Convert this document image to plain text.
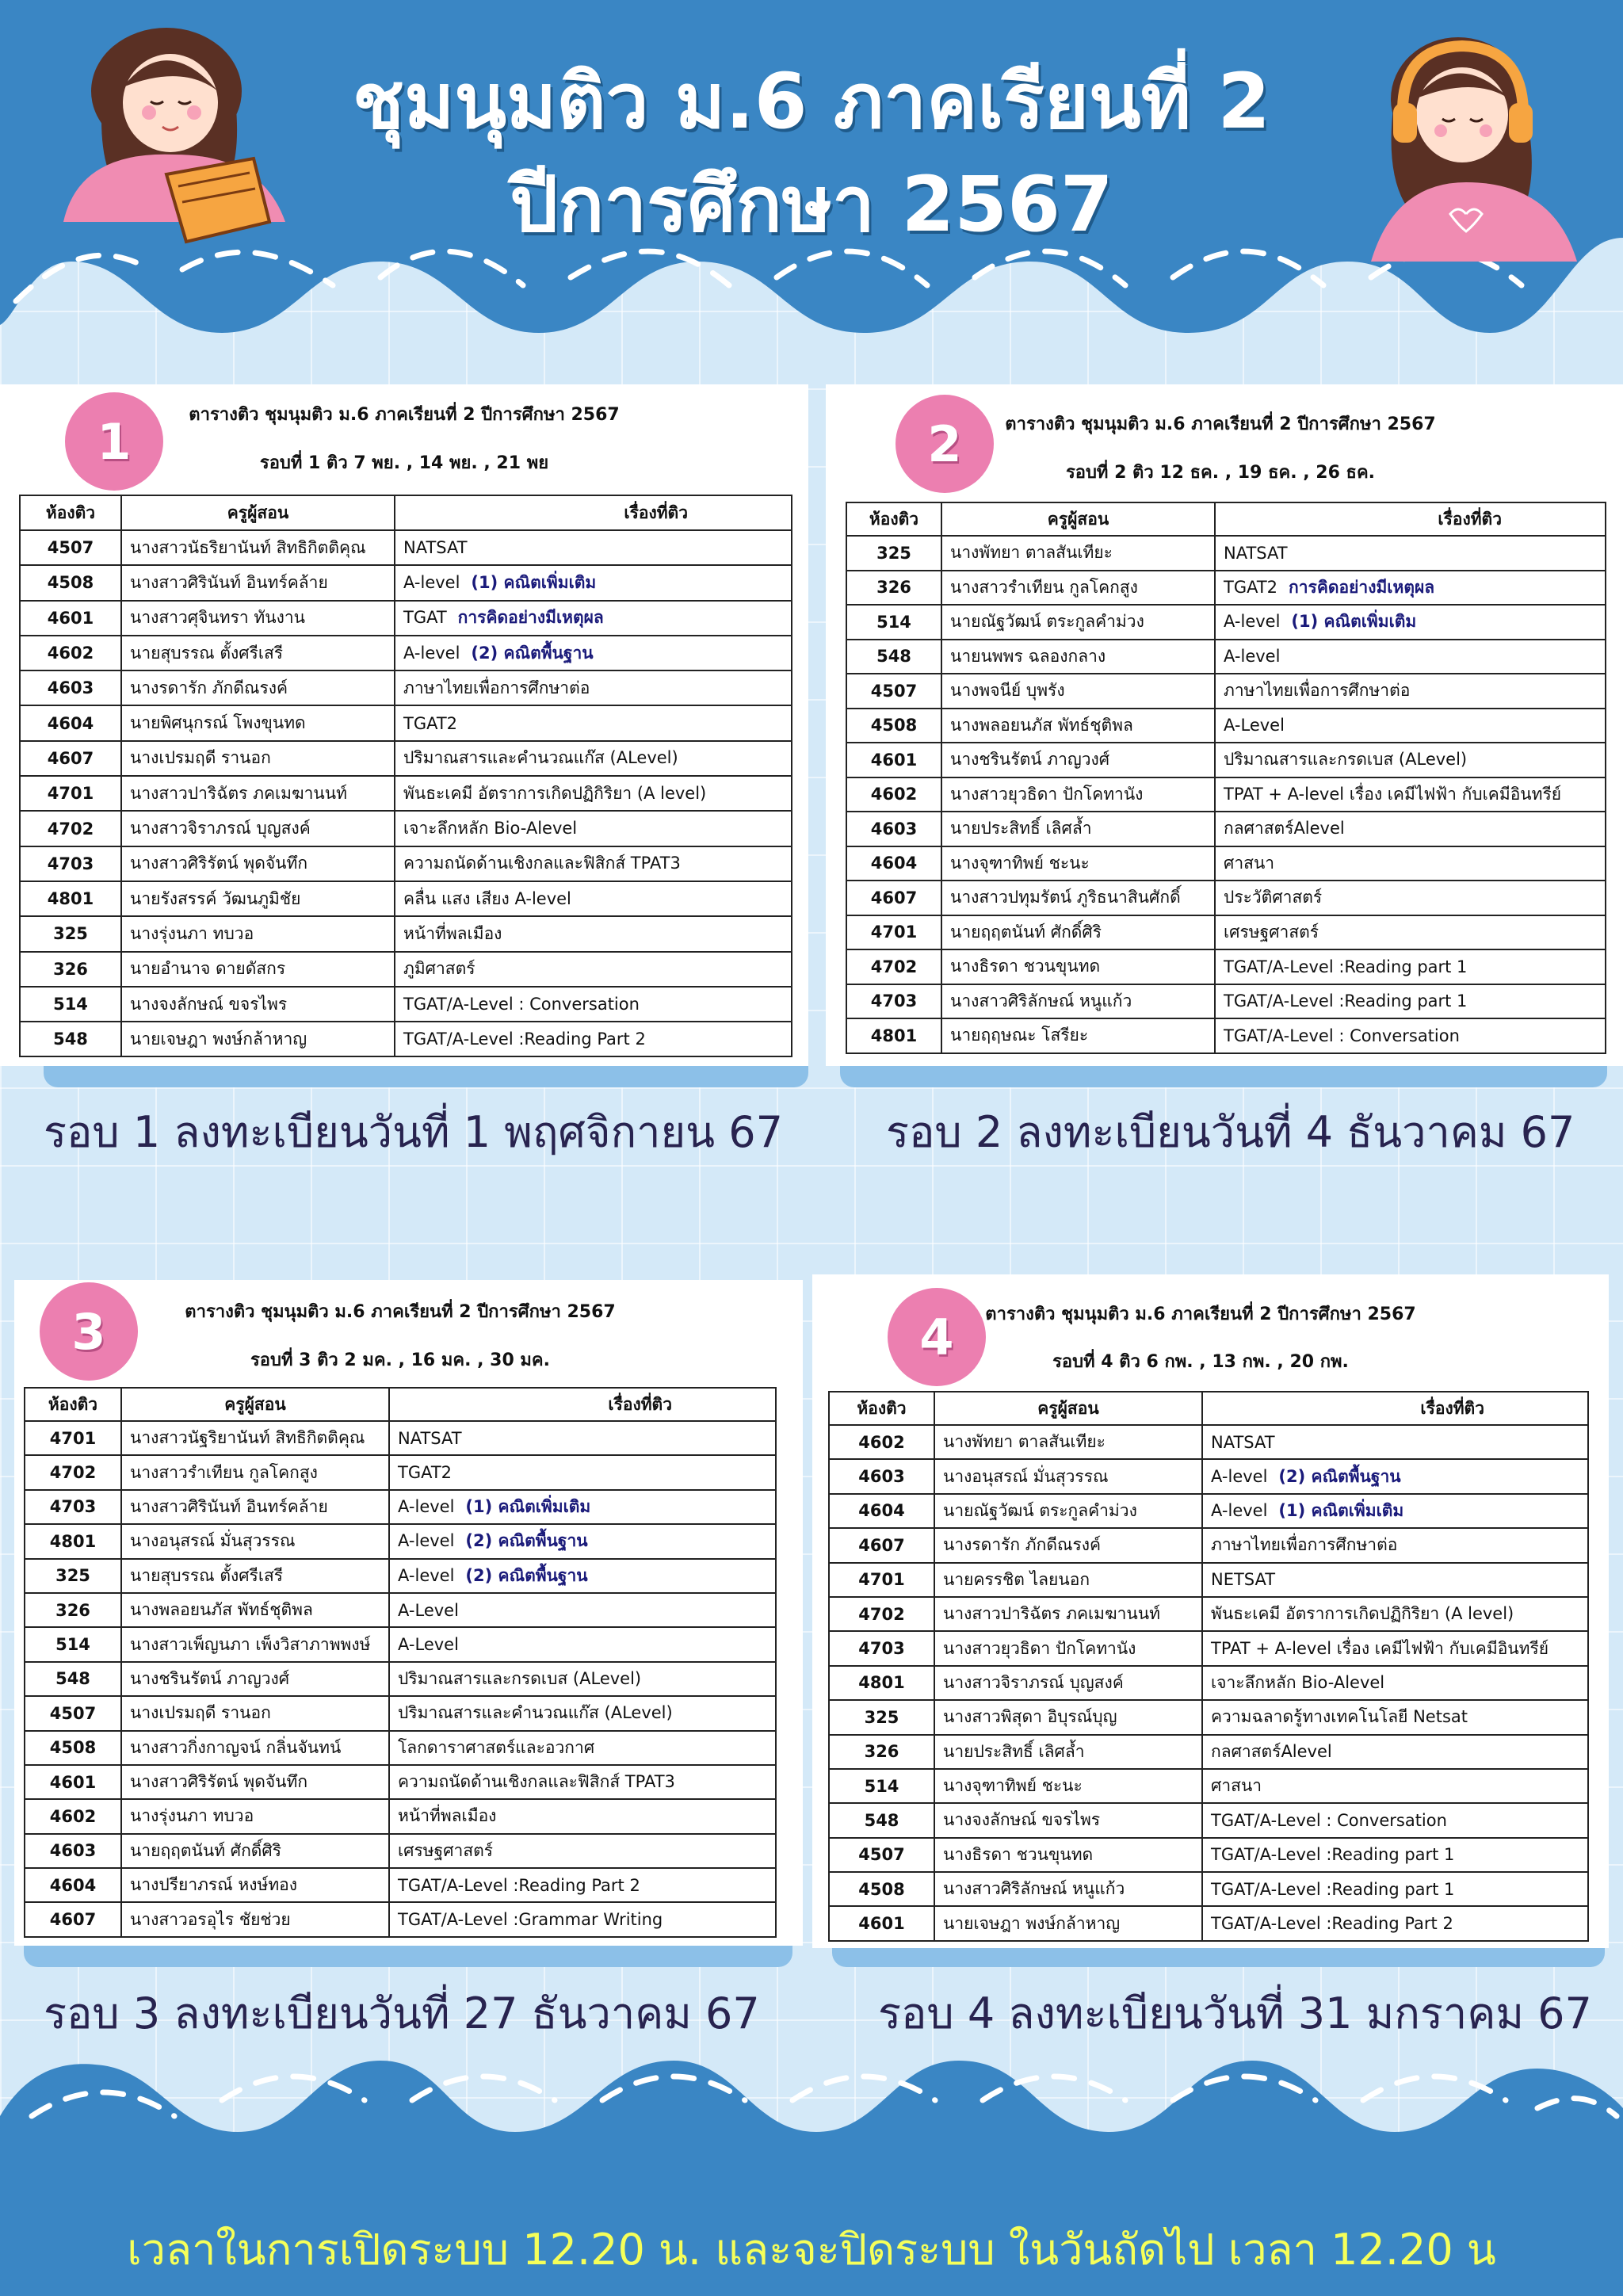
ชุมนุมติว ม.6 ภาคเรียนที่ 2
ปีการศึกษา 2567
1	ตารางติว ชุมนุมติว ม.6 ภาคเรียนที่ 2 ปีการศึกษา 2567
รอบที่ 1 ติว 7 พย. , 14 พย. , 21 พย
ห้องติว	ครูผู้สอน	เรื่องที่ติว
4507	นางสาวนัธริยานันท์ สิทธิกิตติคุณ	NATSAT
4508	นางสาวศิรินันท์ อินทร์คล้าย	A-level (1) คณิตเพิ่มเติม
4601	นางสาวศุจินทรา ทันงาน	TGAT การคิดอย่างมีเหตุผล
4602	นายสุบรรณ ตั้งศรีเสรี	A-level (2) คณิตพื้นฐาน
4603	นางรดารัก ภักดีณรงค์	ภาษาไทยเพื่อการศึกษาต่อ
4604	นายพิศนุกรณ์ โพงขุนทด	TGAT2
4607	นางเปรมฤดี รานอก	ปริมาณสารและคำนวณแก๊ส (ALevel)
4701	นางสาวปาริฉัตร ภคเมฆานนท์	พันธะเคมี อัตราการเกิดปฏิกิริยา (A level)
4702	นางสาวจิราภรณ์ บุญสงค์	เจาะลึกหลัก Bio-Alevel
4703	นางสาวศิริรัตน์ พุดจันทึก	ความถนัดด้านเชิงกลและฟิสิกส์ TPAT3
4801	นายรังสรรค์ วัฒนภูมิชัย	คลื่น แสง เสียง A-level
325	นางรุ่งนภา ทบวอ	หน้าที่พลเมือง
326	นายอำนาจ ดายดัสกร	ภูมิศาสตร์
514	นางจงลักษณ์ ขจรไพร	TGAT/A-Level : Conversation
548	นายเจษฎา พงษ์กล้าหาญ	TGAT/A-Level :Reading Part 2
รอบ 1 ลงทะเบียนวันที่ 1 พฤศจิกายน 67
2	ตารางติว ชุมนุมติว ม.6 ภาคเรียนที่ 2 ปีการศึกษา 2567
รอบที่ 2 ติว 12 ธค. , 19 ธค. , 26 ธค.
ห้องติว	ครูผู้สอน	เรื่องที่ติว
325	นางพัทยา ตาลสันเทียะ	NATSAT
326	นางสาวรำเทียน กูลโคกสูง	TGAT2 การคิดอย่างมีเหตุผล
514	นายณัฐวัฒน์ ตระกูลคำม่วง	A-level (1) คณิตเพิ่มเติม
548	นายนพพร ฉลองกลาง	A-level
4507	นางพจนีย์ บุพรัง	ภาษาไทยเพื่อการศึกษาต่อ
4508	นางพลอยนภัส พัทธ์ชุติพล	A-Level
4601	นางชรินรัตน์ ภาญวงศ์	ปริมาณสารและกรดเบส (ALevel)
4602	นางสาวยุวธิดา ปักโคทานัง	TPAT + A-level เรื่อง เคมีไฟฟ้า กับเคมีอินทรีย์
4603	นายประสิทธิ์ เลิศล้ำ	กลศาสตร์Alevel
4604	นางจุฑาทิพย์ ชะนะ	ศาสนา
4607	นางสาวปทุมรัตน์ ภูริธนาสินศักดิ์	ประวัติศาสตร์
4701	นายฤฤตนันท์ ศักดิ์ศิริ	เศรษฐศาสตร์
4702	นางธิรดา ชวนขุนทด	TGAT/A-Level :Reading part 1
4703	นางสาวศิริลักษณ์ หนูแก้ว	TGAT/A-Level :Reading part 1
4801	นายฤฤษณะ โสรียะ	TGAT/A-Level : Conversation
รอบ 2 ลงทะเบียนวันที่ 4 ธันวาคม 67
3	ตารางติว ชุมนุมติว ม.6 ภาคเรียนที่ 2 ปีการศึกษา 2567
รอบที่ 3 ติว 2 มค. , 16 มค. , 30 มค.
ห้องติว	ครูผู้สอน	เรื่องที่ติว
4701	นางสาวนัฐริยานันท์ สิทธิกิตติคุณ	NATSAT
4702	นางสาวรำเทียน กูลโคกสูง	TGAT2
4703	นางสาวศิรินันท์ อินทร์คล้าย	A-level (1) คณิตเพิ่มเติม
4801	นางอนุสรณ์ มั่นสุวรรณ	A-level (2) คณิตพื้นฐาน
325	นายสุบรรณ ตั้งศรีเสรี	A-level (2) คณิตพื้นฐาน
326	นางพลอยนภัส พัทธ์ชุติพล	A-Level
514	นางสาวเพ็ญนภา เพ็งวิสาภาพพงษ์	A-Level
548	นางชรินรัตน์ ภาญวงศ์	ปริมาณสารและกรดเบส (ALevel)
4507	นางเปรมฤดี รานอก	ปริมาณสารและคำนวณแก๊ส (ALevel)
4508	นางสาวกิ่งกาญจน์ กลิ่นจันทน์	โลกดาราศาสตร์และอวกาศ
4601	นางสาวศิริรัตน์ พุดจันทึก	ความถนัดด้านเชิงกลและฟิสิกส์ TPAT3
4602	นางรุ่งนภา ทบวอ	หน้าที่พลเมือง
4603	นายฤฤตนันท์ ศักดิ์ศิริ	เศรษฐศาสตร์
4604	นางปรียาภรณ์ หงษ์ทอง	TGAT/A-Level :Reading Part 2
4607	นางสาวอรอุไร ชัยช่วย	TGAT/A-Level :Grammar Writing
รอบ 3 ลงทะเบียนวันที่ 27 ธันวาคม 67
4	ตารางติว ชุมนุมติว ม.6 ภาคเรียนที่ 2 ปีการศึกษา 2567
รอบที่ 4 ติว 6 กพ. , 13 กพ. , 20 กพ.
ห้องติว	ครูผู้สอน	เรื่องที่ติว
4602	นางพัทยา ตาลสันเทียะ	NATSAT
4603	นางอนุสรณ์ มั่นสุวรรณ	A-level (2) คณิตพื้นฐาน
4604	นายณัฐวัฒน์ ตระกูลคำม่วง	A-level (1) คณิตเพิ่มเติม
4607	นางรดารัก ภักดีณรงค์	ภาษาไทยเพื่อการศึกษาต่อ
4701	นายครรชิต ไลยนอก	NETSAT
4702	นางสาวปาริฉัตร ภคเมฆานนท์	พันธะเคมี อัตราการเกิดปฏิกิริยา (A level)
4703	นางสาวยุวธิดา ปักโคทานัง	TPAT + A-level เรื่อง เคมีไฟฟ้า กับเคมีอินทรีย์
4801	นางสาวจิราภรณ์ บุญสงค์	เจาะลึกหลัก Bio-Alevel
325	นางสาวพิสุดา อิบุรณ์บุญ	ความฉลาดรู้ทางเทคโนโลยี Netsat
326	นายประสิทธิ์ เลิศล้ำ	กลศาสตร์Alevel
514	นางจุฑาทิพย์ ชะนะ	ศาสนา
548	นางจงลักษณ์ ขจรไพร	TGAT/A-Level : Conversation
4507	นางธิรดา ชวนขุนทด	TGAT/A-Level :Reading part 1
4508	นางสาวศิริลักษณ์ หนูแก้ว	TGAT/A-Level :Reading part 1
4601	นายเจษฎา พงษ์กล้าหาญ	TGAT/A-Level :Reading Part 2
รอบ 4 ลงทะเบียนวันที่ 31 มกราคม 67
เวลาในการเปิดระบบ 12.20 น. และจะปิดระบบ ในวันถัดไป เวลา 12.20 น
